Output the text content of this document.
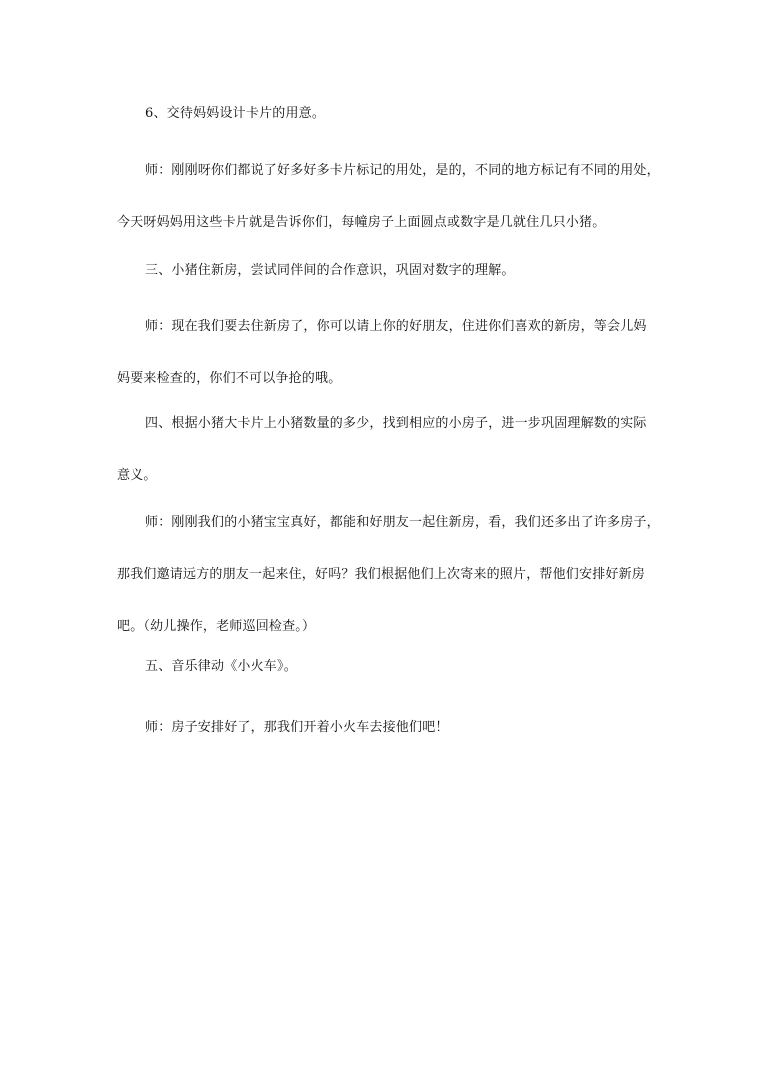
6、交待妈妈设计卡片的用意。

师：刚刚呀你们都说了好多好多卡片标记的用处，是的，不同的地方标记有不同的用处，
今天呀妈妈用这些卡片就是告诉你们，每幢房子上面圆点或数字是几就住几只小猪。

三、小猪住新房，尝试同伴间的合作意识，巩固对数字的理解。

师：现在我们要去住新房了，你可以请上你的好朋友，住进你们喜欢的新房，等会儿妈
妈要来检查的，你们不可以争抢的哦。

四、根据小猪大卡片上小猪数量的多少，找到相应的小房子，进一步巩固理解数的实际
意义。

师：刚刚我们的小猪宝宝真好，都能和好朋友一起住新房，看，我们还多出了许多房子，
那我们邀请远方的朋友一起来住，好吗？我们根据他们上次寄来的照片，帮他们安排好新房
吧。（幼儿操作，老师巡回检查。）

五、音乐律动《小火车》。

师：房子安排好了，那我们开着小火车去接他们吧！
